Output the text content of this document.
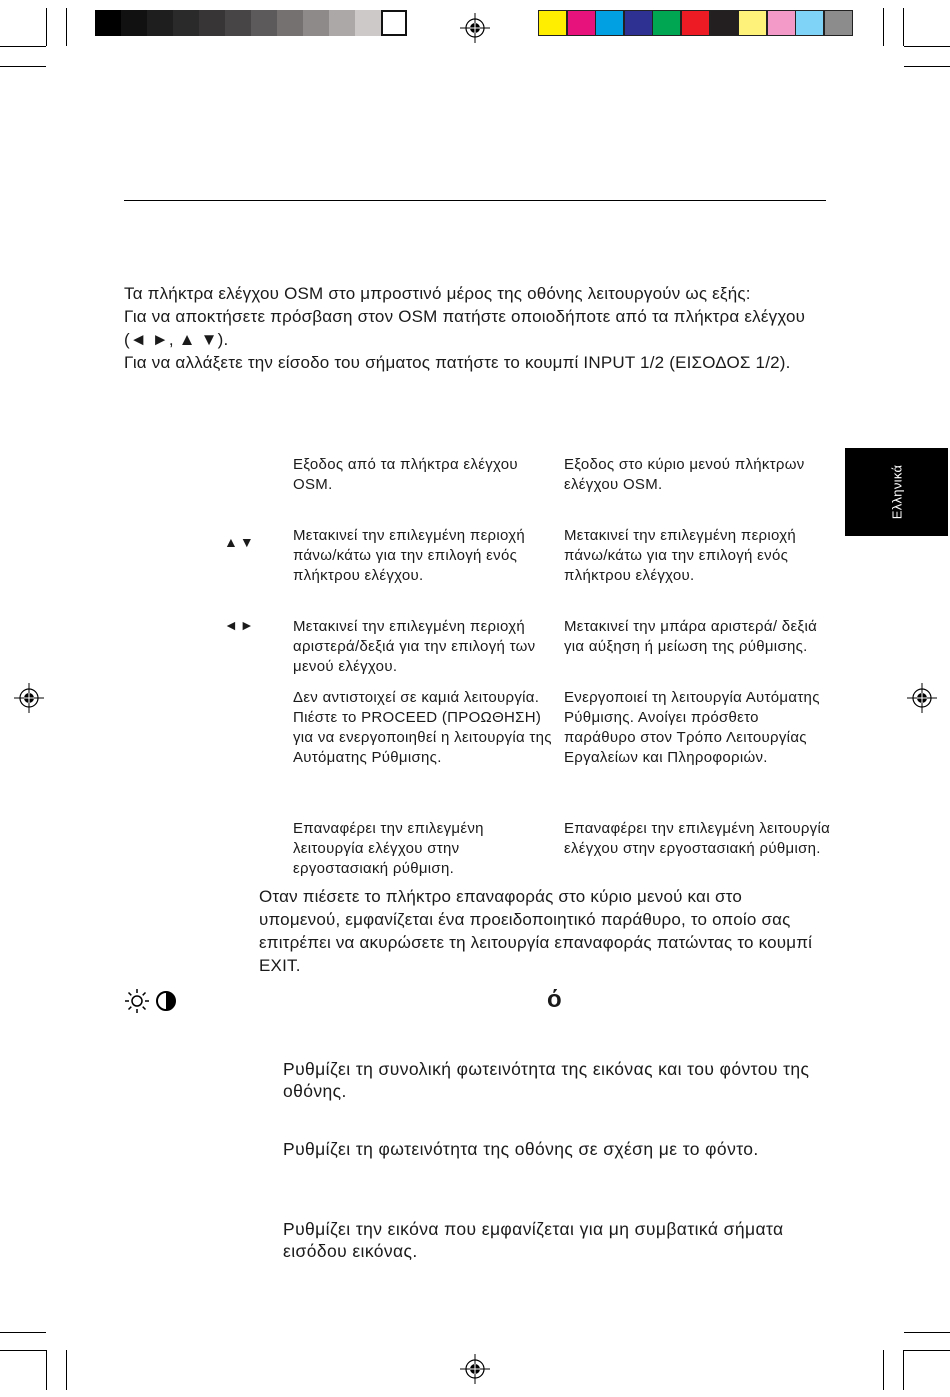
Τα πλήκτρα ελέγχου OSM στο μπροστινό μέρος της οθόνης λειτουργούν ως εξής:

Για να αποκτήσετε πρόσβαση στον OSM πατήστε οποιοδήποτε από τα πλήκτρα ελέγχου (◄ ►, ▲ ▼).

Για να αλλάξετε την είσοδο του σήματος πατήστε το κουμπί INPUT 1/2 (ΕΙΣΟΔΟΣ 1/2).

Ελληνικά
▲▼
◄►
Εξοδος από τα πλήκτρα ελέγχου OSM.
Εξοδος στο κύριο μενού πλήκτρων ελέγχου OSM.
Μετακινεί την επιλεγμένη περιοχή πάνω/κάτω για την επιλογή ενός πλήκτρου ελέγχου.
Μετακινεί την επιλεγμένη περιοχή πάνω/κάτω για την επιλογή ενός πλήκτρου ελέγχου.
Μετακινεί την επιλεγμένη περιοχή αριστερά/δεξιά για την επιλογή των μενού ελέγχου.
Μετακινεί την μπάρα αριστερά/ δεξιά για αύξηση ή μείωση της ρύθμισης.
Δεν αντιστοιχεί σε καμιά λειτουργία.
Πιέστε το PROCEED (ΠΡΟΩΘΗΣΗ) για να ενεργοποιηθεί η λειτουργία της Αυτόματης Ρύθμισης.
Ενεργοποιεί τη λειτουργία Αυτόματης Ρύθμισης. Ανοίγει πρόσθετο παράθυρο στον Τρόπο Λειτουργίας Εργαλείων και Πληροφοριών.
Επαναφέρει την επιλεγμένη λειτουργία ελέγχου στην εργοστασιακή ρύθμιση.
Επαναφέρει την επιλεγμένη λειτουργία ελέγχου στην εργοστασιακή ρύθμιση.
Οταν πιέσετε το πλήκτρο επαναφοράς στο κύριο μενού και στο υπομενού, εμφανίζεται ένα προειδοποιητικό παράθυρο, το οποίο σας επιτρέπει να ακυρώσετε τη λειτουργία επαναφοράς πατώντας το κουμπί EXIT.
ό
Ρυθμίζει τη συνολική φωτεινότητα της εικόνας και του φόντου της οθόνης.
Ρυθμίζει τη φωτεινότητα της οθόνης σε σχέση με το φόντο.
Ρυθμίζει την εικόνα που εμφανίζεται για μη συμβατικά σήματα εισόδου εικόνας.
